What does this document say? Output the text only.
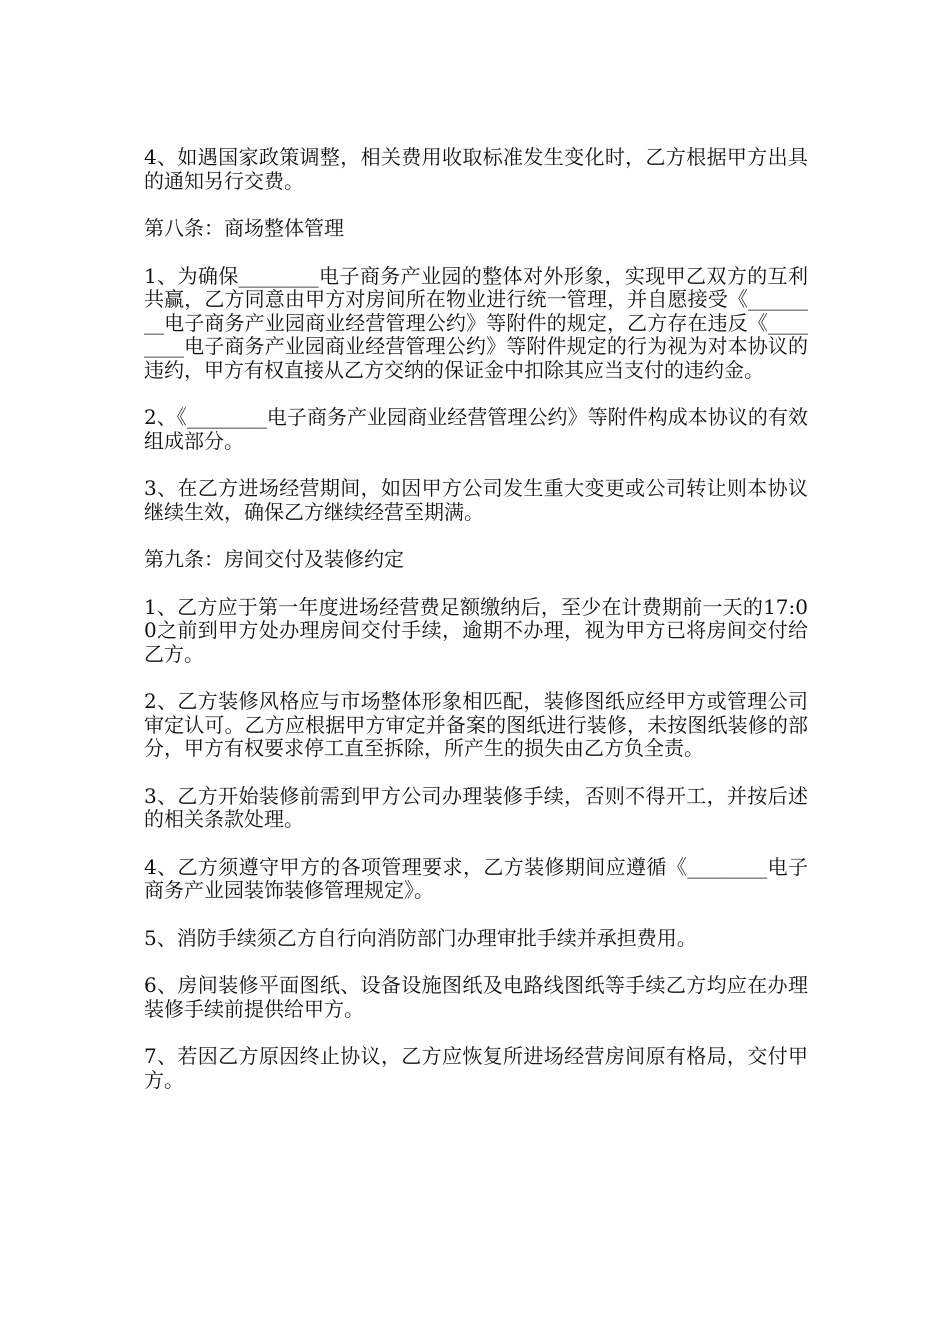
4、如遇国家政策调整，相关费用收取标准发生变化时，乙方根据甲方出具的通知另行交费。

第八条：商场整体管理

1、为确保________电子商务产业园的整体对外形象，实现甲乙双方的互利共赢，乙方同意由甲方对房间所在物业进行统一管理，并自愿接受《________电子商务产业园商业经营管理公约》等附件的规定，乙方存在违反《________电子商务产业园商业经营管理公约》等附件规定的行为视为对本协议的违约，甲方有权直接从乙方交纳的保证金中扣除其应当支付的违约金。

2、《________电子商务产业园商业经营管理公约》等附件构成本协议的有效组成部分。

3、在乙方进场经营期间，如因甲方公司发生重大变更或公司转让则本协议继续生效，确保乙方继续经营至期满。

第九条：房间交付及装修约定

1、乙方应于第一年度进场经营费足额缴纳后，至少在计费期前一天的17:00之前到甲方处办理房间交付手续，逾期不办理，视为甲方已将房间交付给乙方。

2、乙方装修风格应与市场整体形象相匹配，装修图纸应经甲方或管理公司审定认可。乙方应根据甲方审定并备案的图纸进行装修，未按图纸装修的部分，甲方有权要求停工直至拆除，所产生的损失由乙方负全责。

3、乙方开始装修前需到甲方公司办理装修手续，否则不得开工，并按后述的相关条款处理。

4、乙方须遵守甲方的各项管理要求，乙方装修期间应遵循《________电子商务产业园装饰装修管理规定》。

5、消防手续须乙方自行向消防部门办理审批手续并承担费用。

6、房间装修平面图纸、设备设施图纸及电路线图纸等手续乙方均应在办理装修手续前提供给甲方。

7、若因乙方原因终止协议，乙方应恢复所进场经营房间原有格局，交付甲方。
